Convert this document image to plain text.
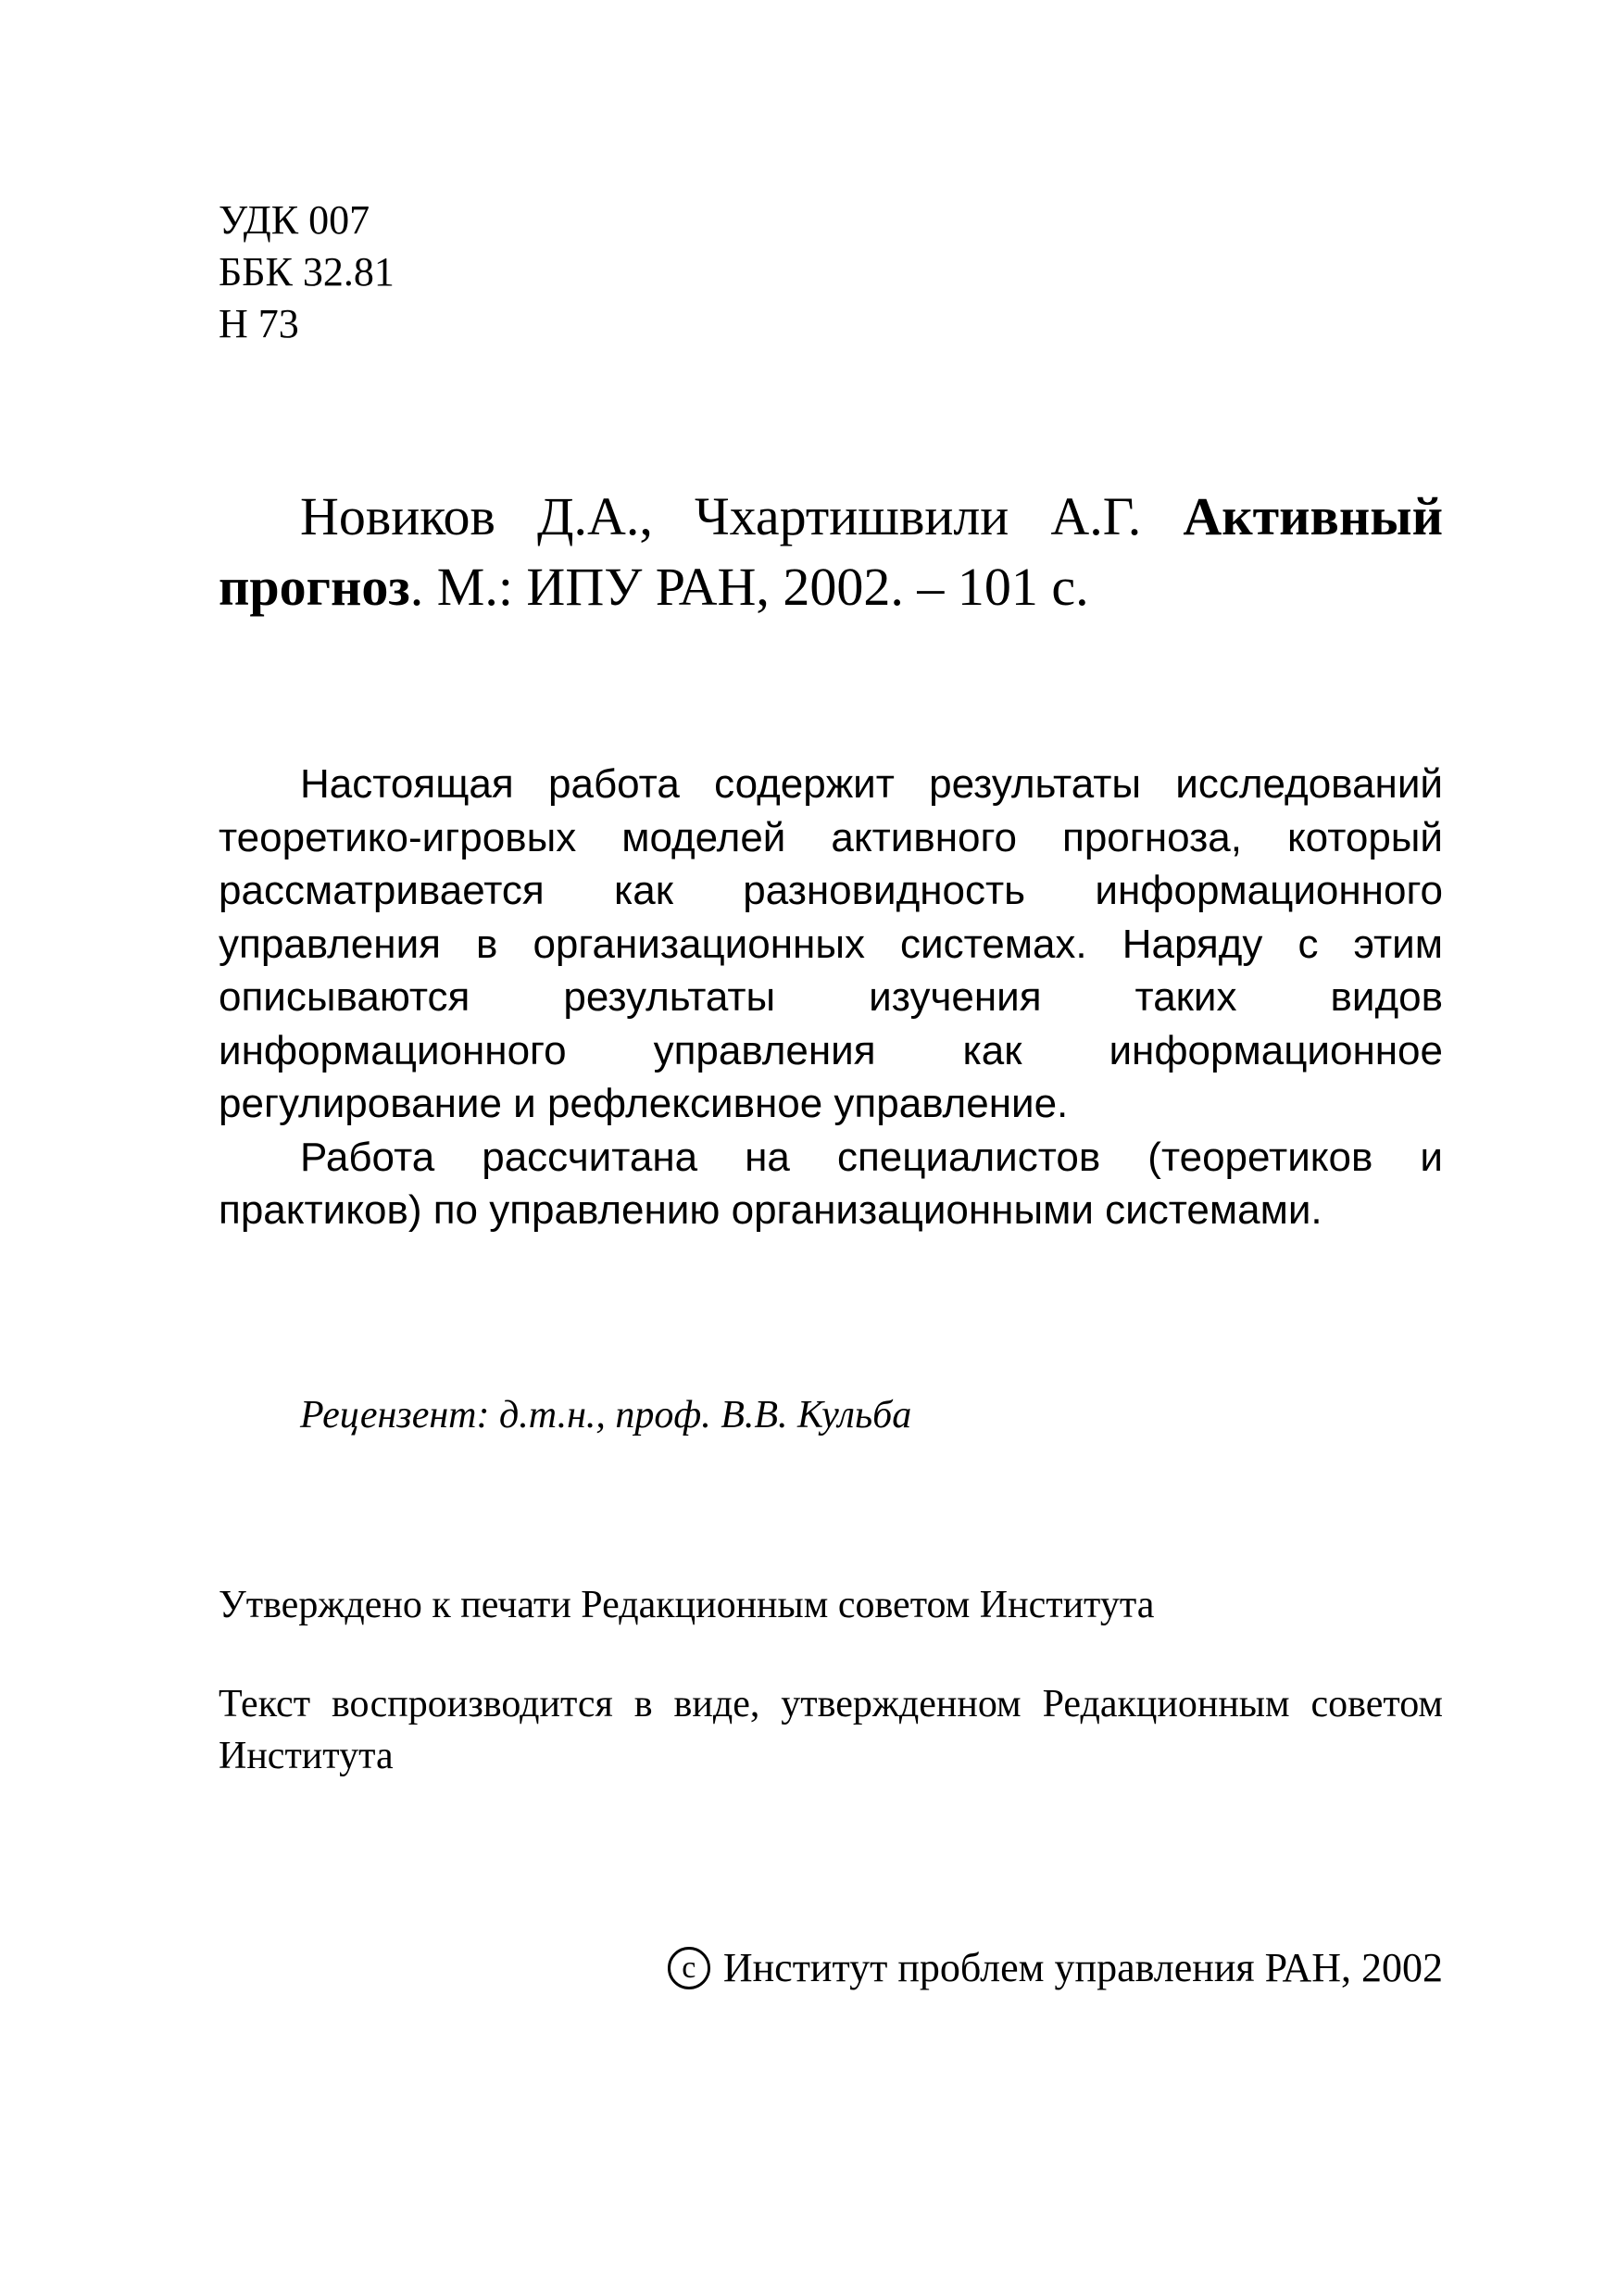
УДК 007
ББК 32.81
Н 73
Новиков Д.А., Чхартишвили А.Г. Активный прогноз. М.: ИПУ РАН, 2002. – 101 с.

Настоящая работа содержит результаты исследований теоретико-игровых моделей активного прогноза, который рассматривается как разновидность информационного управления в организационных системах. Наряду с этим описываются результаты изучения таких видов информационного управления как информационное регулирование и рефлексивное управление.

Работа рассчитана на специалистов (теоретиков и практиков) по управлению организационными системами.

Рецензент: д.т.н., проф. В.В. Кульба
Утверждено к печати Редакционным советом Института
Текст воспроизводится в виде, утвержденном Редакционным советом Института
c Институт проблем управления РАН, 2002
